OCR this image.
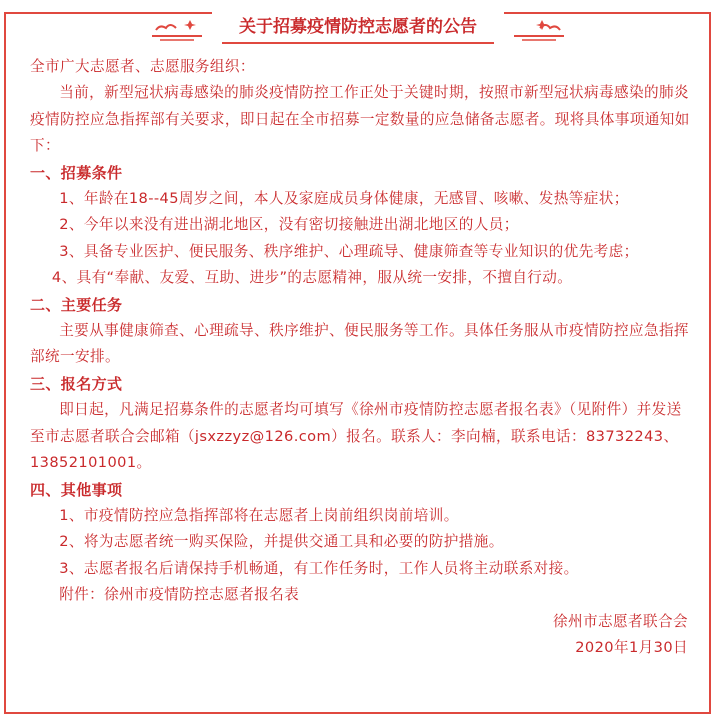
关于招募疫情防控志愿者的公告

全市广大志愿者、志愿服务组织：

当前，新型冠状病毒感染的肺炎疫情防控工作正处于关键时期，按照市新型冠状病毒感染的肺炎疫情防控应急指挥部有关要求，即日起在全市招募一定数量的应急储备志愿者。现将具体事项通知如下：

一、招募条件

1、年龄在18--45周岁之间，本人及家庭成员身体健康，无感冒、咳嗽、发热等症状；

2、今年以来没有进出湖北地区，没有密切接触进出湖北地区的人员；

3、具备专业医护、便民服务、秩序维护、心理疏导、健康筛查等专业知识的优先考虑；

4、具有“奉献、友爱、互助、进步”的志愿精神，服从统一安排，不擅自行动。

二、主要任务

主要从事健康筛查、心理疏导、秩序维护、便民服务等工作。具体任务服从市疫情防控应急指挥部统一安排。

三、报名方式

即日起，凡满足招募条件的志愿者均可填写《徐州市疫情防控志愿者报名表》（见附件）并发送至市志愿者联合会邮箱（jsxzzyz@126.com）报名。联系人：李向楠，联系电话：83732243、13852101001。

四、其他事项

1、市疫情防控应急指挥部将在志愿者上岗前组织岗前培训。

2、将为志愿者统一购买保险，并提供交通工具和必要的防护措施。

3、志愿者报名后请保持手机畅通，有工作任务时，工作人员将主动联系对接。

附件：徐州市疫情防控志愿者报名表

徐州市志愿者联合会

2020年1月30日
